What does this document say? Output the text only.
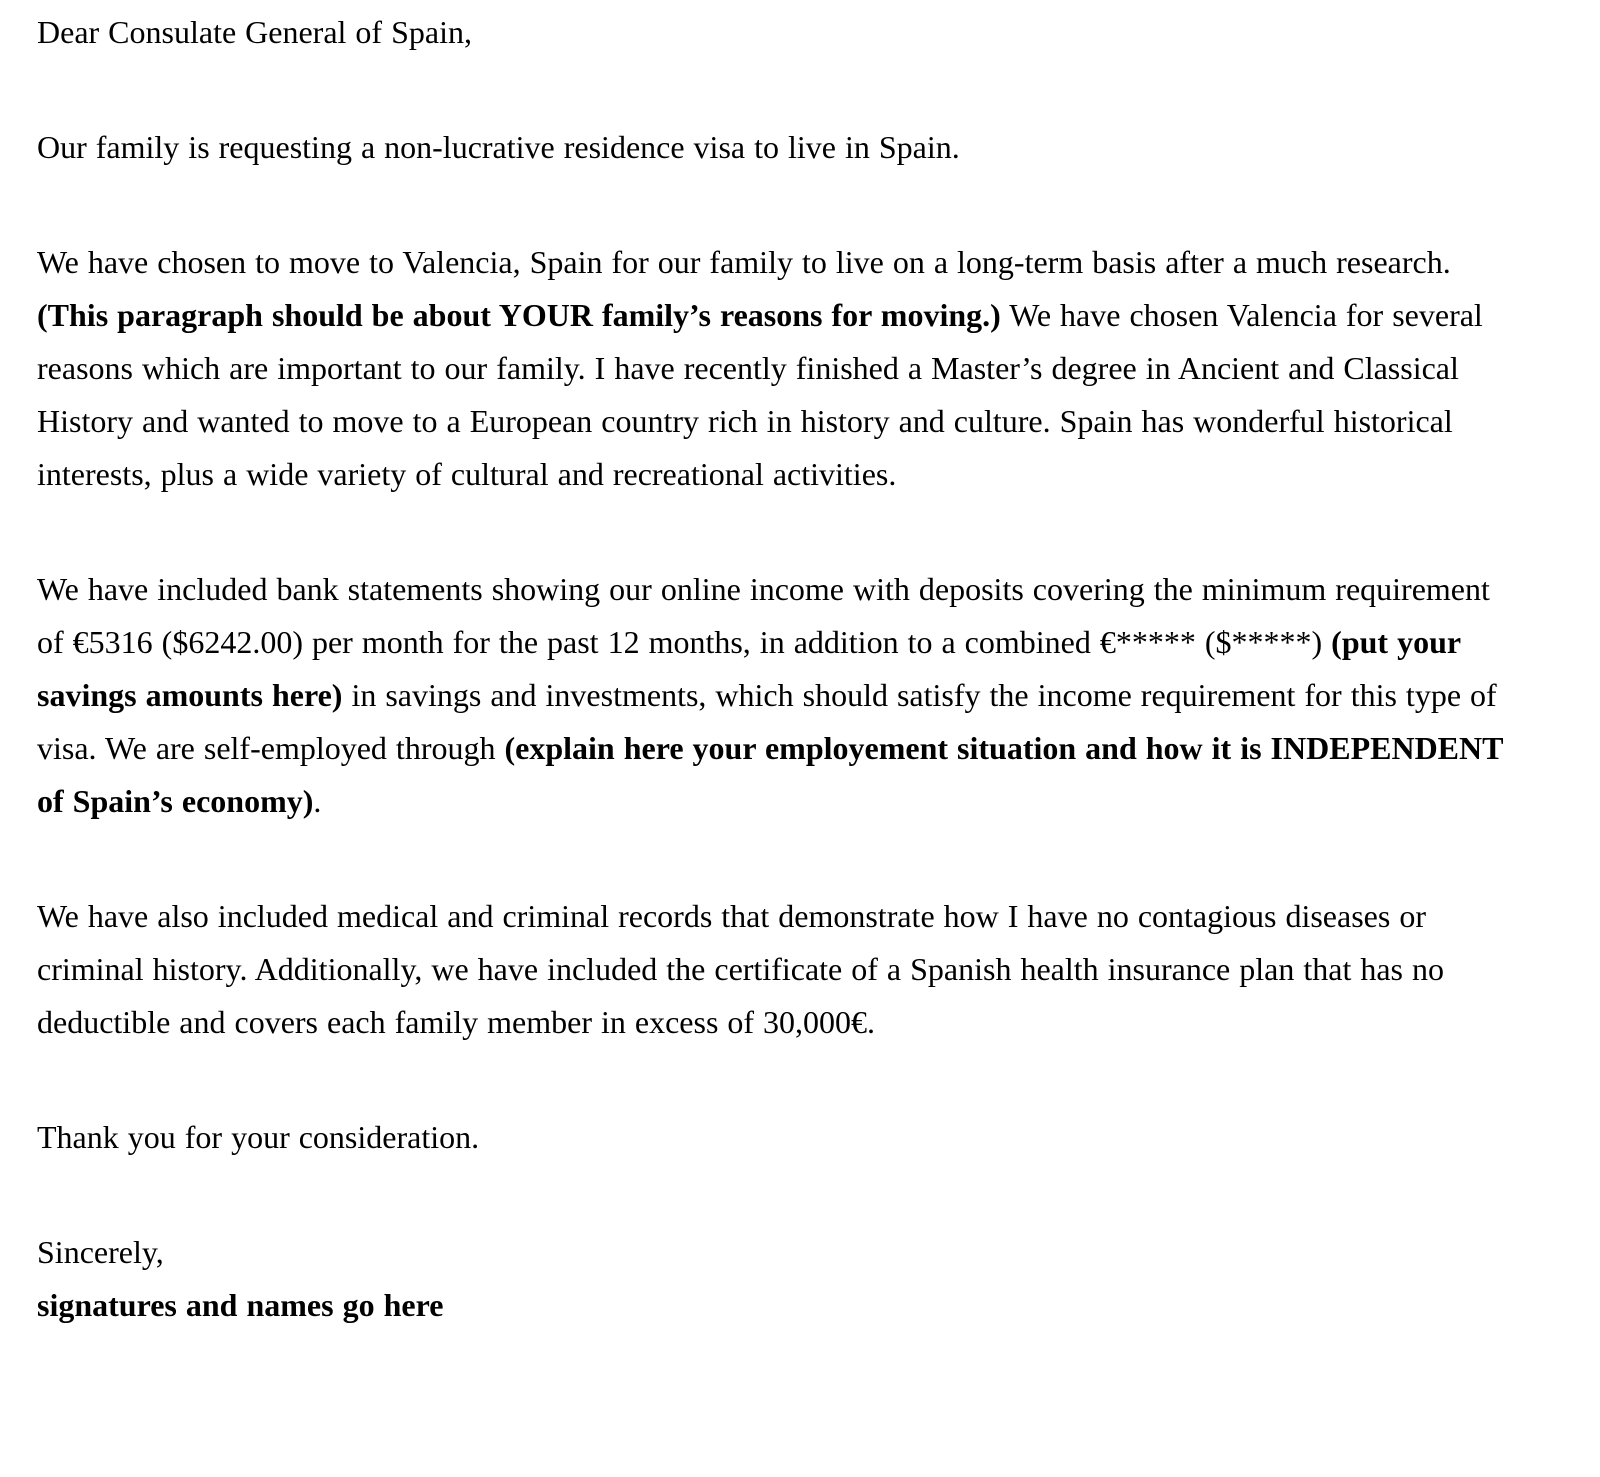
Dear Consulate General of Spain,

Our family is requesting a non-lucrative residence visa to live in Spain.

We have chosen to move to Valencia, Spain for our family to live on a long-term basis after a much research. (This paragraph should be about YOUR family’s reasons for moving.) We have chosen Valencia for several reasons which are important to our family. I have recently finished a Master’s degree in Ancient and Classical History and wanted to move to a European country rich in history and culture. Spain has wonderful historical interests, plus a wide variety of cultural and recreational activities.

We have included bank statements showing our online income with deposits covering the minimum requirement of €5316 ($6242.00) per month for the past 12 months, in addition to a combined €***** ($*****) (put your savings amounts here) in savings and investments, which should satisfy the income requirement for this type of visa. We are self-employed through (explain here your employement situation and how it is INDEPENDENT of Spain’s economy).

We have also included medical and criminal records that demonstrate how I have no contagious diseases or criminal history. Additionally, we have included the certificate of a Spanish health insurance plan that has no deductible and covers each family member in excess of 30,000€.

Thank you for your consideration.

Sincerely,

signatures and names go here
